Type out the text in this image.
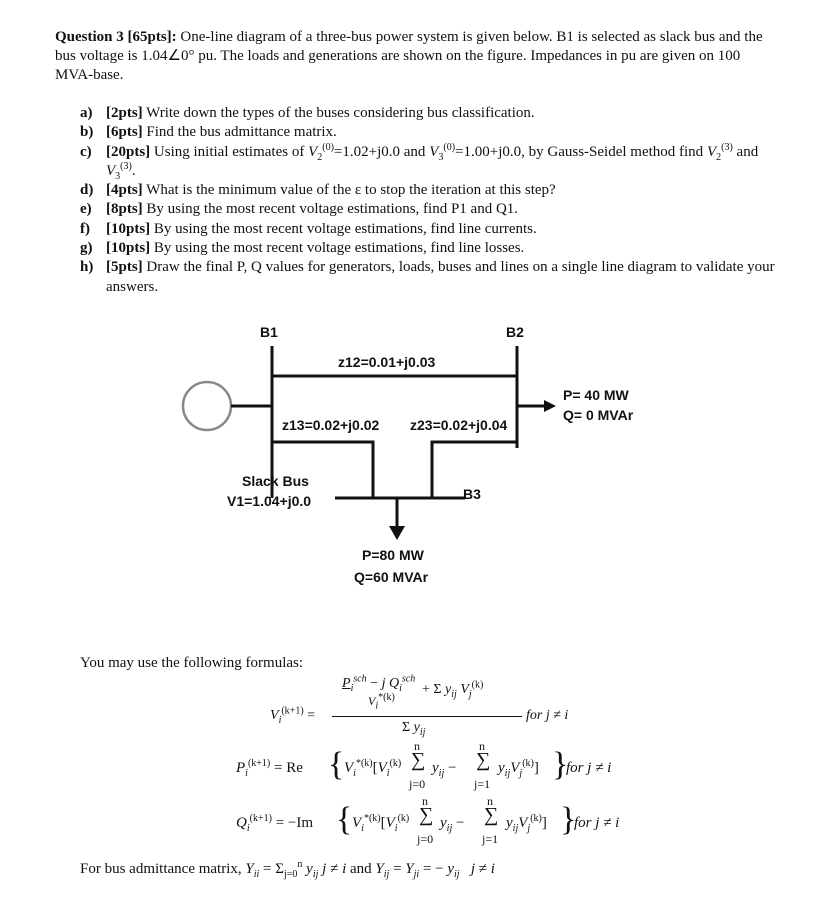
Question 3 [65pts]: One-line diagram of a three-bus power system is given below. B1 is selected as slack bus and the bus voltage is 1.04∠0° pu. The loads and generations are shown on the figure. Impedances in pu are given on 100 MVA-base.
a) [2pts] Write down the types of the buses considering bus classification.
b) [6pts] Find the bus admittance matrix.
c) [20pts] Using initial estimates of $V_2^{(0)}=1.02+j0.0$ and $V_3^{(0)}=1.00+j0.0$, by Gauss-Seidel method find $V_2^{(3)}$ and $V_3^{(3)}$.
d) [4pts] What is the minimum value of the ε to stop the iteration at this step?
e) [8pts] By using the most recent voltage estimations, find P1 and Q1.
f) [10pts] By using the most recent voltage estimations, find line currents.
g) [10pts] By using the most recent voltage estimations, find line losses.
h) [5pts] Draw the final P, Q values for generators, loads, buses and lines on a single line diagram to validate your answers.
B1	B2
B3
z12=0.01+j0.03
z13=0.02+j0.02 z23=0.02+j0.04
P= 40 MW
Q= 0 MVAr
Slack Bus
V1=1.04+j0.0
P=80 MW
Q=60 MVAr
You may use the following formulas:
$V_i^{(k+1)}$ =
$P_i^{sch} - j$ $Q_i^{sch}$
$V_i^{*(k)}$
+ Σ $y_{ij}$ $V_j^{(k)}$
Σ $y_{ij}$
for j ≠ i
$P_i^{(k+1)} = Re$ { $V_i^{*(k)}[V_i^{(k)}$ ∑
n
j=0
$y_{ij}$ − ∑
n
j=1
$y_{ij}V_j^{(k)}$] }
for j ≠ i
$Q_i^{(k+1)} = -Im$ { $V_i^{*(k)}[V_i^{(k)}$ ∑
n
j=0
$y_{ij}$ − ∑
n
j=1
$y_{ij}V_j^{(k)}$] }
for j ≠ i
For bus admittance matrix, $Y_{ii} = \Sigma_{j=0}^n$ $y_{ij}$ j ≠ i and $Y_{ij} = Y_{ji}$ = − $y_{ij}$ j ≠ i
